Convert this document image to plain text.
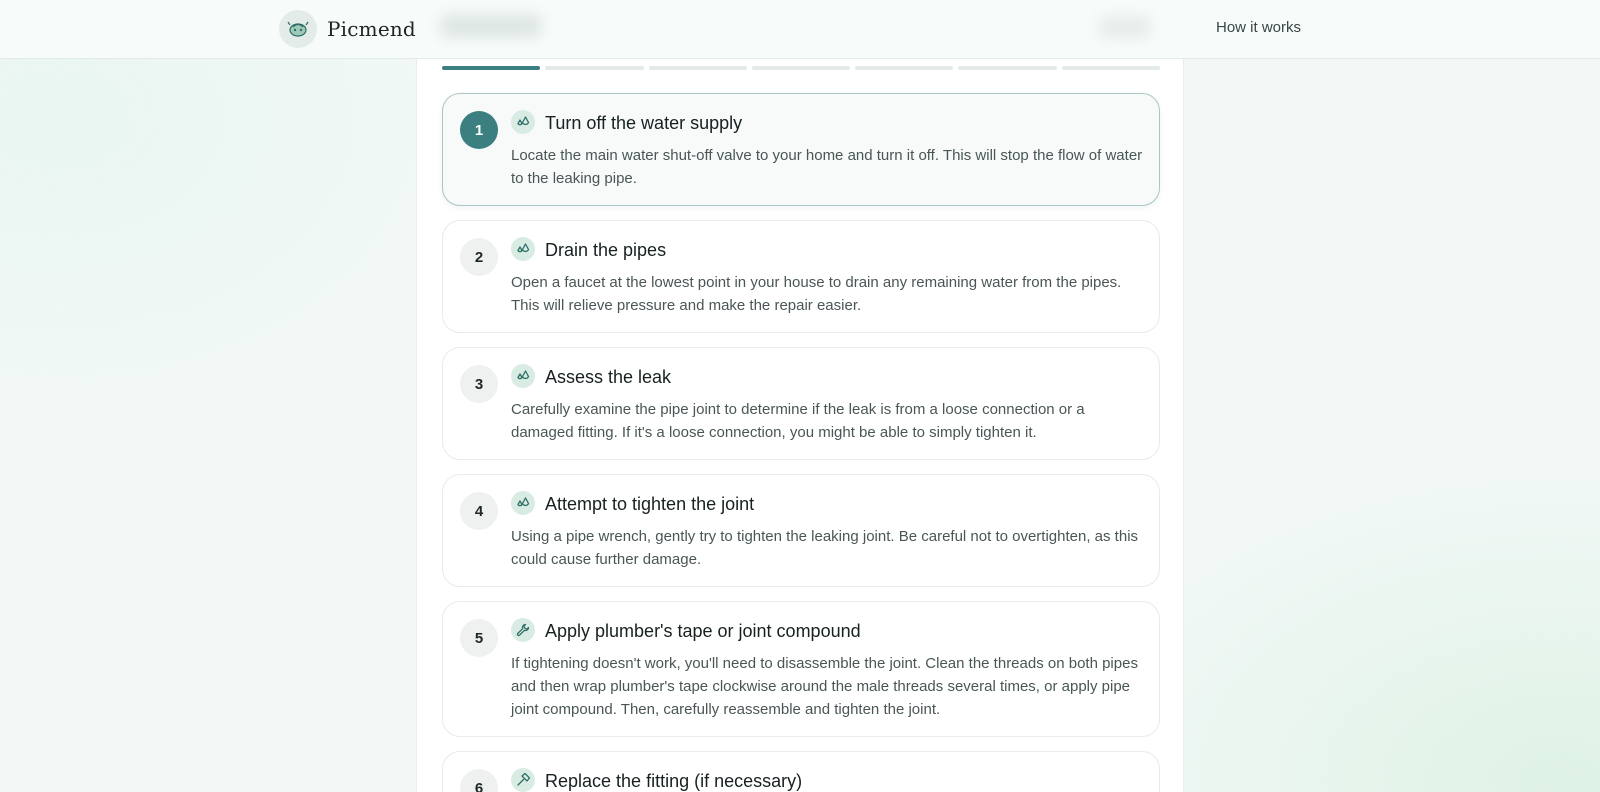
Picmend	How it works
1	Turn off the water supply
Locate the main water shut-off valve to your home and turn it off. This will stop the flow of water to the leaking pipe.
2	Drain the pipes
Open a faucet at the lowest point in your house to drain any remaining water from the pipes. This will relieve pressure and make the repair easier.
3	Assess the leak
Carefully examine the pipe joint to determine if the leak is from a loose connection or a damaged fitting. If it's a loose connection, you might be able to simply tighten it.
4	Attempt to tighten the joint
Using a pipe wrench, gently try to tighten the leaking joint. Be careful not to overtighten, as this could cause further damage.
5	Apply plumber's tape or joint compound
If tightening doesn't work, you'll need to disassemble the joint. Clean the threads on both pipes and then wrap plumber's tape clockwise around the male threads several times, or apply pipe joint compound. Then, carefully reassemble and tighten the joint.
6	Replace the fitting (if necessary)
